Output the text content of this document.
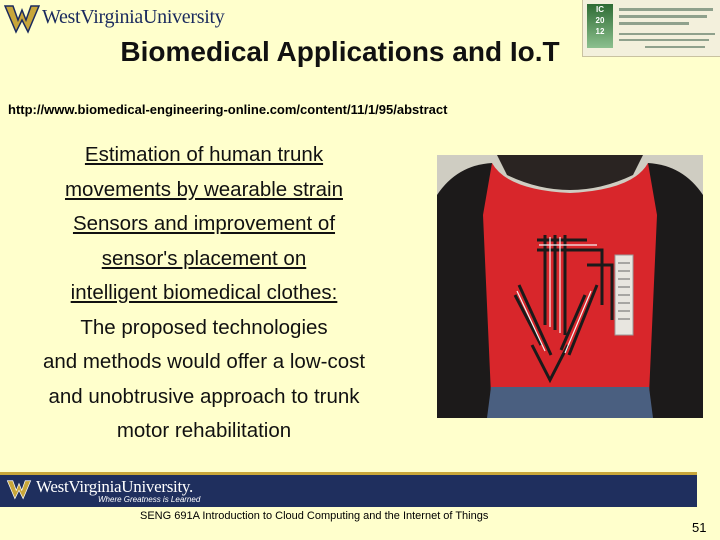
WestVirginiaUniversity	IC
20
12
Biomedical Applications and Io.T
http://www.biomedical-engineering-online.com/content/11/1/95/abstract
Estimation of human trunk
movements by wearable strain
Sensors and improvement of
sensor's placement on
intelligent biomedical clothes:
The proposed technologies
and methods would offer a low-cost
and unobtrusive approach to trunk
motor rehabilitation
WestVirginiaUniversity.
Where Greatness is Learned
SENG 691A Introduction to Cloud Computing and the Internet of Things
51
